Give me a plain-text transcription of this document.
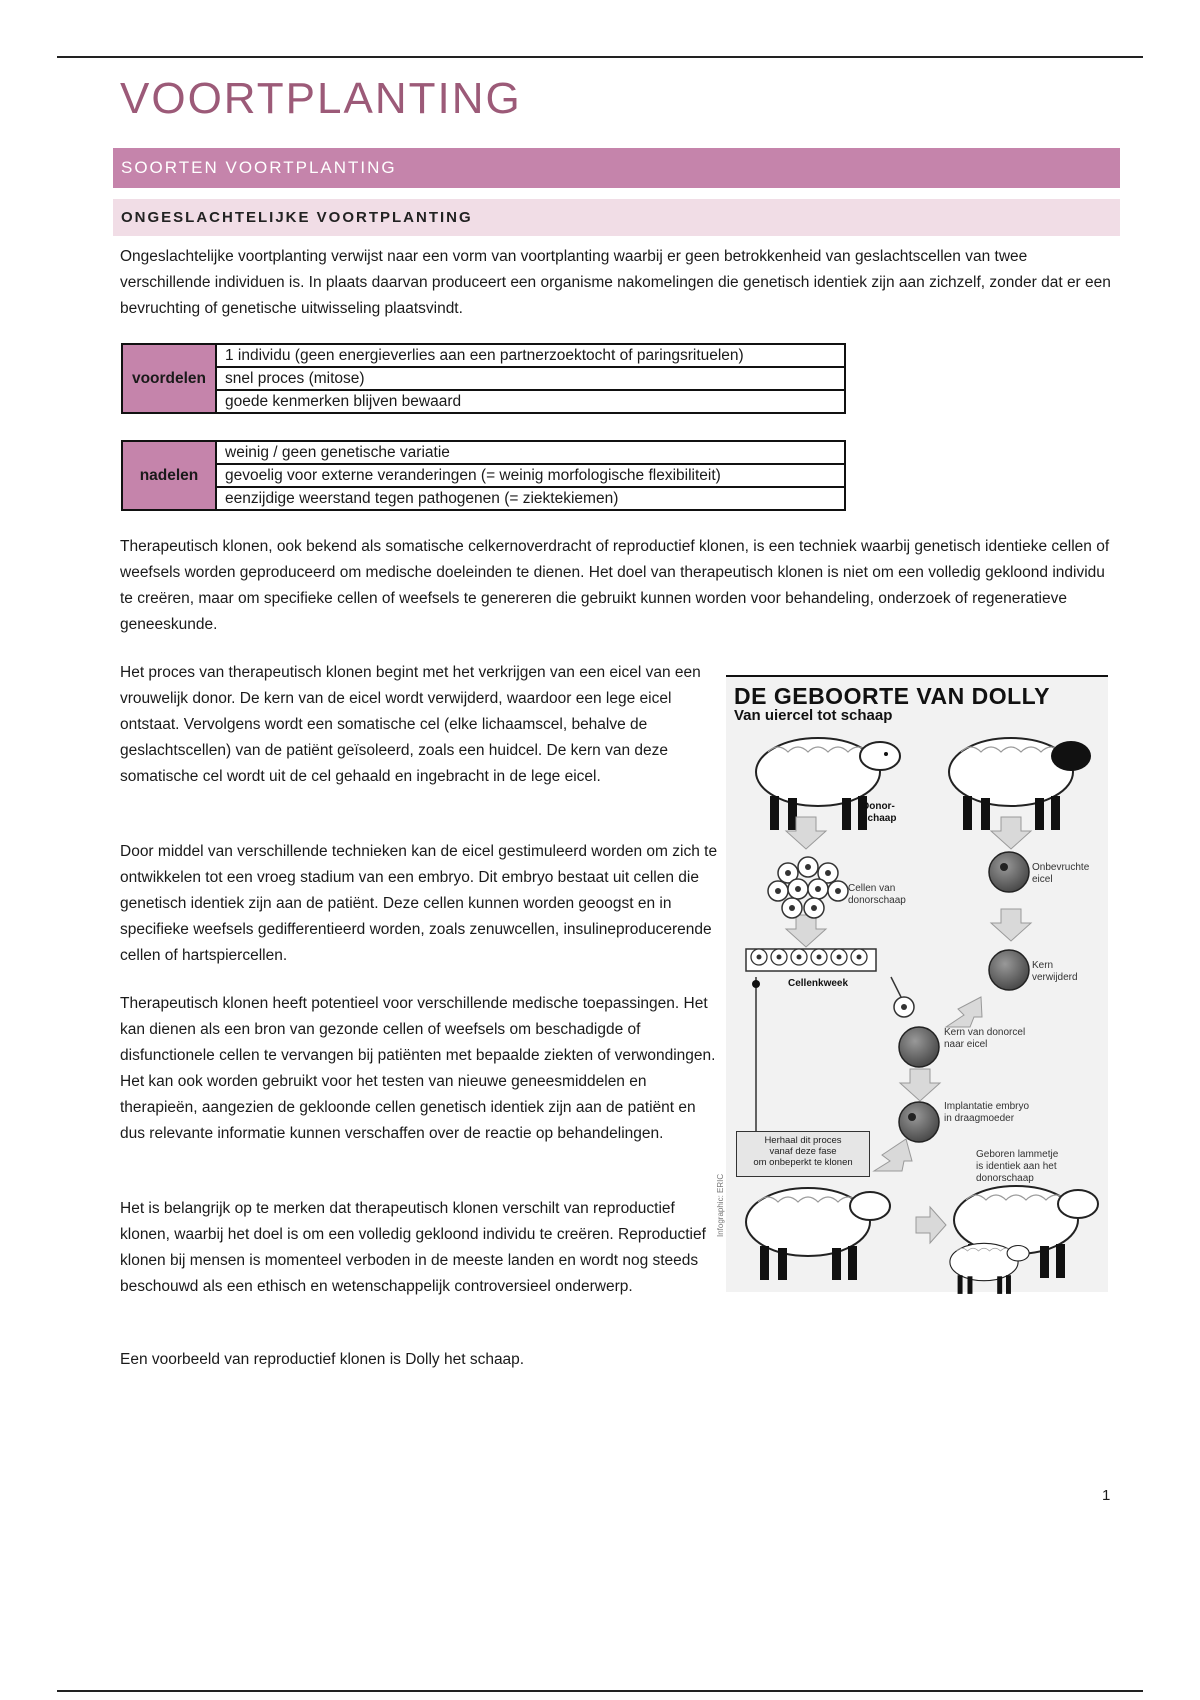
VOORTPLANTING
SOORTEN VOORTPLANTING
ONGESLACHTELIJKE VOORTPLANTING

Ongeslachtelijke voortplanting verwijst naar een vorm van voortplanting waarbij er geen betrokkenheid van geslachtscellen van twee verschillende individuen is. In plaats daarvan produceert een organisme nakomelingen die genetisch identiek zijn aan zichzelf, zonder dat er een bevruchting of genetische uitwisseling plaatsvindt.

voordelen	1 individu (geen energieverlies aan een partnerzoektocht of paringsrituelen)
snel proces (mitose)
goede kenmerken blijven bewaard
nadelen	weinig / geen genetische variatie
gevoelig voor externe veranderingen (= weinig morfologische flexibiliteit)
eenzijdige weerstand tegen pathogenen (= ziektekiemen)

Therapeutisch klonen, ook bekend als somatische celkernoverdracht of reproductief klonen, is een techniek waarbij genetisch identieke cellen of weefsels worden geproduceerd om medische doeleinden te dienen. Het doel van therapeutisch klonen is niet om een volledig gekloond individu te creëren, maar om specifieke cellen of weefsels te genereren die gebruikt kunnen worden voor behandeling, onderzoek of regeneratieve geneeskunde.

Het proces van therapeutisch klonen begint met het verkrijgen van een eicel van een vrouwelijk donor. De kern van de eicel wordt verwijderd, waardoor een lege eicel ontstaat. Vervolgens wordt een somatische cel (elke lichaamscel, behalve de geslachtscellen) van de patiënt geïsoleerd, zoals een huidcel. De kern van deze somatische cel wordt uit de cel gehaald en ingebracht in de lege eicel.

Door middel van verschillende technieken kan de eicel gestimuleerd worden om zich te ontwikkelen tot een vroeg stadium van een embryo. Dit embryo bestaat uit cellen die genetisch identiek zijn aan de patiënt. Deze cellen kunnen worden geoogst en in specifieke weefsels gedifferentieerd worden, zoals zenuwcellen, insulineproducerende cellen of hartspiercellen.

Therapeutisch klonen heeft potentieel voor verschillende medische toepassingen. Het kan dienen als een bron van gezonde cellen of weefsels om beschadigde of disfunctionele cellen te vervangen bij patiënten met bepaalde ziekten of verwondingen. Het kan ook worden gebruikt voor het testen van nieuwe geneesmiddelen en therapieën, aangezien de gekloonde cellen genetisch identiek zijn aan de patiënt en dus relevante informatie kunnen verschaffen over de reactie op behandelingen.

Het is belangrijk op te merken dat therapeutisch klonen verschilt van reproductief klonen, waarbij het doel is om een volledig gekloond individu te creëren. Reproductief klonen bij mensen is momenteel verboden in de meeste landen en wordt nog steeds beschouwd als een ethisch en wetenschappelijk controversieel onderwerp.

Een voorbeeld van reproductief klonen is Dolly het schaap.

DE GEBOORTE VAN DOLLY

Van uiercel tot schaap

Donor-
schaap
Cellen van
donorschaap
Onbevruchte
eicel
Kern
verwijderd
Cellenkweek
Kern van donorcel
naar eicel
Implantatie embryo
in draagmoeder
Herhaal dit proces
vanaf deze fase
om onbeperkt te klonen
Geboren lammetje
is identiek aan het
donorschaap
Infographic: ERIC
1
